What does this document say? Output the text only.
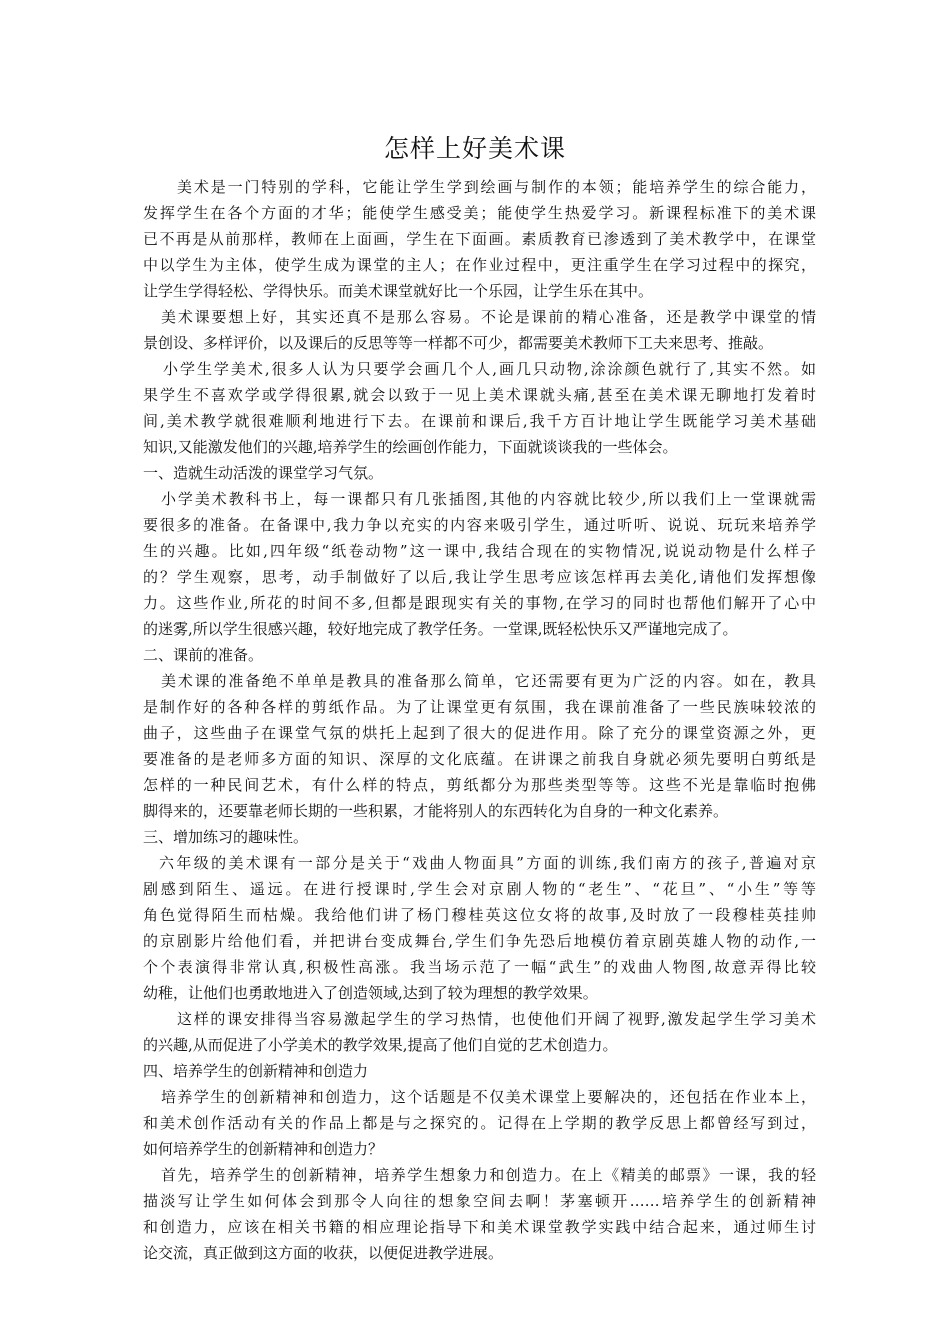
怎样上好美术课
美术是一门特别的学科，它能让学生学到绘画与制作的本领；能培养学生的综合能力，
发挥学生在各个方面的才华；能使学生感受美；能使学生热爱学习。新课程标准下的美术课
已不再是从前那样，教师在上面画，学生在下面画。素质教育已渗透到了美术教学中，在课堂
中以学生为主体，使学生成为课堂的主人；在作业过程中，更注重学生在学习过程中的探究，
让学生学得轻松、学得快乐。而美术课堂就好比一个乐园，让学生乐在其中。
美术课要想上好，其实还真不是那么容易。不论是课前的精心准备，还是教学中课堂的情
景创设、多样评价，以及课后的反思等等一样都不可少，都需要美术教师下工夫来思考、推敲。
小学生学美术,很多人认为只要学会画几个人,画几只动物,涂涂颜色就行了,其实不然。如
果学生不喜欢学或学得很累,就会以致于一见上美术课就头痛,甚至在美术课无聊地打发着时
间,美术教学就很难顺利地进行下去。在课前和课后,我千方百计地让学生既能学习美术基础
知识,又能激发他们的兴趣,培养学生的绘画创作能力，下面就谈谈我的一些体会。
一、造就生动活泼的课堂学习气氛。
小学美术教科书上，每一课都只有几张插图,其他的内容就比较少,所以我们上一堂课就需
要很多的准备。在备课中,我力争以充实的内容来吸引学生，通过听听、说说、玩玩来培养学
生的兴趣。比如,四年级“纸卷动物”这一课中,我结合现在的实物情况,说说动物是什么样子
的？学生观察，思考，动手制做好了以后,我让学生思考应该怎样再去美化,请他们发挥想像
力。这些作业,所花的时间不多,但都是跟现实有关的事物,在学习的同时也帮他们解开了心中
的迷雾,所以学生很感兴趣，较好地完成了教学任务。一堂课,既轻松快乐又严谨地完成了。
二、课前的准备。
美术课的准备绝不单单是教具的准备那么简单，它还需要有更为广泛的内容。如在，教具
是制作好的各种各样的剪纸作品。为了让课堂更有氛围，我在课前准备了一些民族味较浓的
曲子，这些曲子在课堂气氛的烘托上起到了很大的促进作用。除了充分的课堂资源之外，更
要准备的是老师多方面的知识、深厚的文化底蕴。在讲课之前我自身就必须先要明白剪纸是
怎样的一种民间艺术，有什么样的特点，剪纸都分为那些类型等等。这些不光是靠临时抱佛
脚得来的，还要靠老师长期的一些积累，才能将别人的东西转化为自身的一种文化素养。
三、增加练习的趣味性。
六年级的美术课有一部分是关于“戏曲人物面具”方面的训练,我们南方的孩子,普遍对京
剧感到陌生、遥远。在进行授课时,学生会对京剧人物的“老生”、“花旦”、“小生”等等
角色觉得陌生而枯燥。我给他们讲了杨门穆桂英这位女将的故事,及时放了一段穆桂英挂帅
的京剧影片给他们看，并把讲台变成舞台,学生们争先恐后地模仿着京剧英雄人物的动作,一
个个表演得非常认真,积极性高涨。我当场示范了一幅“武生”的戏曲人物图,故意弄得比较
幼稚，让他们也勇敢地进入了创造领域,达到了较为理想的教学效果。
这样的课安排得当容易激起学生的学习热情，也使他们开阔了视野,激发起学生学习美术
的兴趣,从而促进了小学美术的教学效果,提高了他们自觉的艺术创造力。
四、培养学生的创新精神和创造力
培养学生的创新精神和创造力，这个话题是不仅美术课堂上要解决的，还包括在作业本上，
和美术创作活动有关的作品上都是与之探究的。记得在上学期的教学反思上都曾经写到过，
如何培养学生的创新精神和创造力？
首先，培养学生的创新精神，培养学生想象力和创造力。在上《精美的邮票》一课，我的轻
描淡写让学生如何体会到那令人向往的想象空间去啊！茅塞顿开……培养学生的创新精神
和创造力，应该在相关书籍的相应理论指导下和美术课堂教学实践中结合起来，通过师生讨
论交流，真正做到这方面的收获，以便促进教学进展。
